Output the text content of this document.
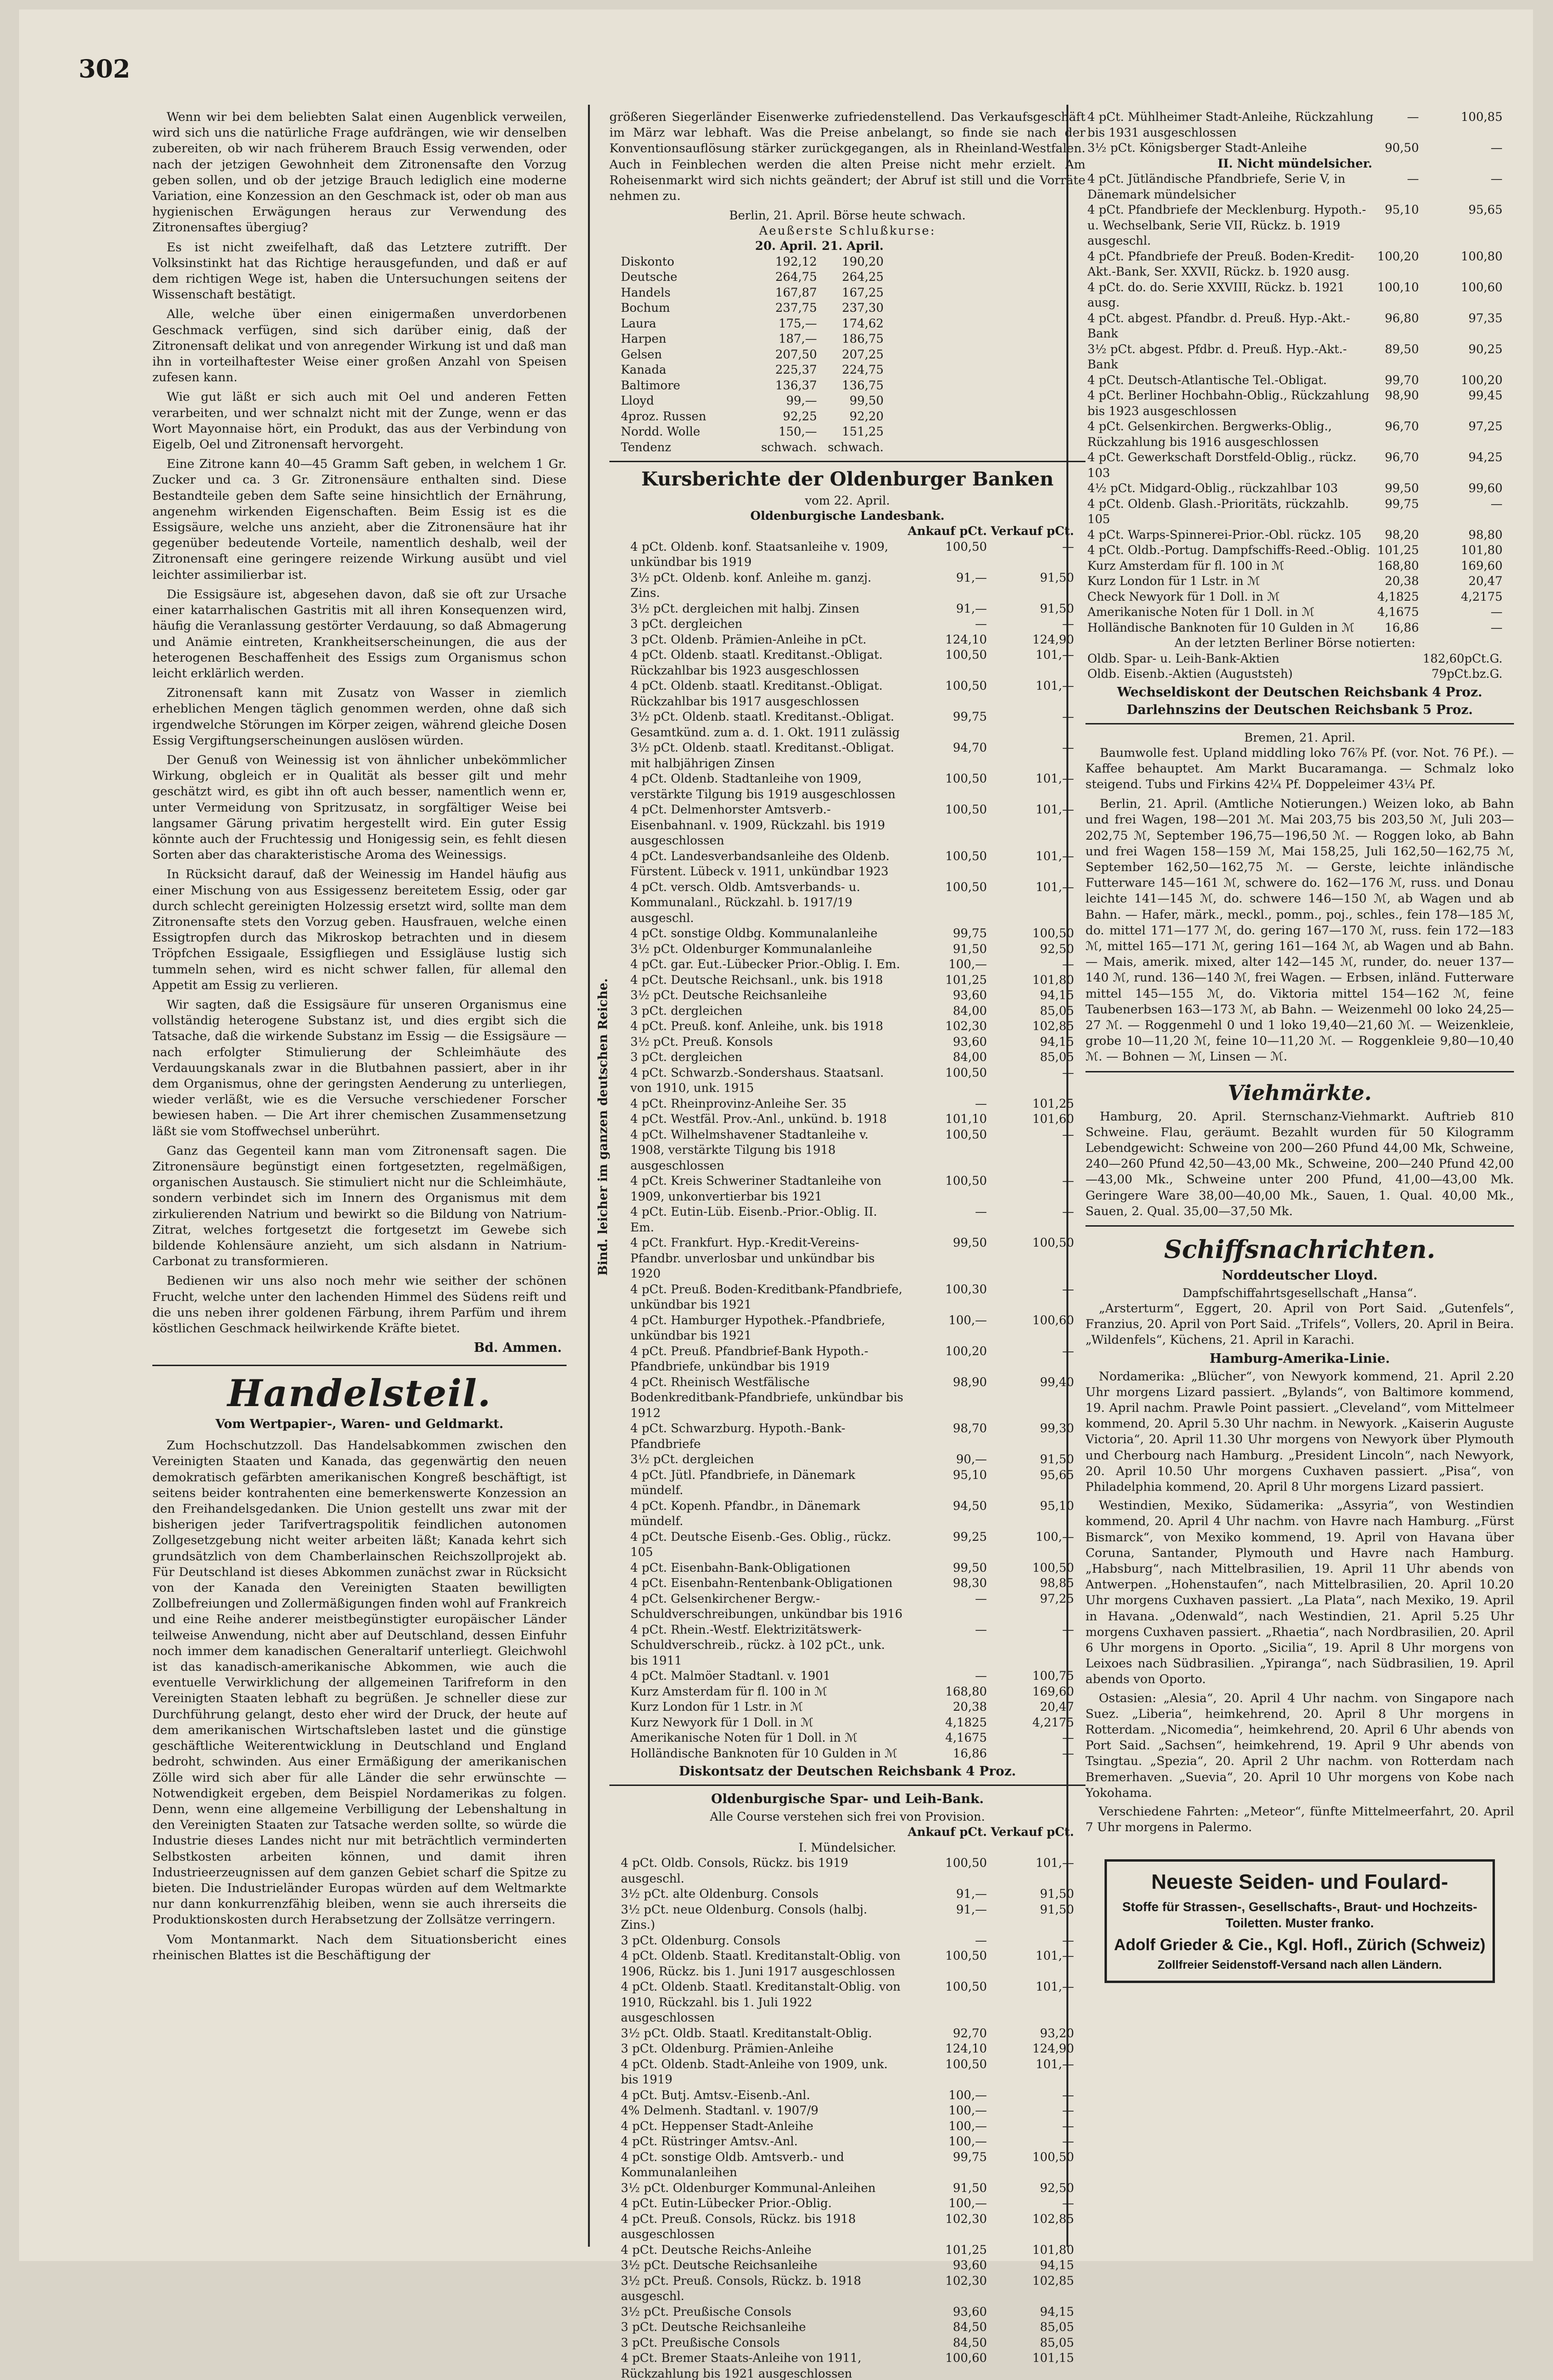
302

Wenn wir bei dem beliebten Salat einen Augenblick verweilen, wird sich uns die natürliche Frage aufdrängen, wie wir denselben zubereiten, ob wir nach früherem Brauch Essig verwenden, oder nach der jetzigen Gewohnheit dem Zitronensafte den Vorzug geben sollen, und ob der jetzige Brauch lediglich eine moderne Variation, eine Konzession an den Geschmack ist, oder ob man aus hygienischen Erwägungen heraus zur Verwendung des Zitronensaftes übergiug?

Es ist nicht zweifelhaft, daß das Letztere zutrifft. Der Volksinstinkt hat das Richtige herausgefunden, und daß er auf dem richtigen Wege ist, haben die Untersuchungen seitens der Wissenschaft bestätigt.

Alle, welche über einen einigermaßen unverdorbenen Geschmack verfügen, sind sich darüber einig, daß der Zitronensaft delikat und von anregender Wirkung ist und daß man ihn in vorteilhaftester Weise einer großen Anzahl von Speisen zufesen kann.

Wie gut läßt er sich auch mit Oel und anderen Fetten verarbeiten, und wer schnalzt nicht mit der Zunge, wenn er das Wort Mayonnaise hört, ein Produkt, das aus der Verbindung von Eigelb, Oel und Zitronensaft hervorgeht.

Eine Zitrone kann 40—45 Gramm Saft geben, in welchem 1 Gr. Zucker und ca. 3 Gr. Zitronensäure enthalten sind. Diese Bestandteile geben dem Safte seine hinsichtlich der Ernährung, angenehm wirkenden Eigenschaften. Beim Essig ist es die Essigsäure, welche uns anzieht, aber die Zitronensäure hat ihr gegenüber bedeutende Vorteile, namentlich deshalb, weil der Zitronensaft eine geringere reizende Wirkung ausübt und viel leichter assimilierbar ist.

Die Essigsäure ist, abgesehen davon, daß sie oft zur Ursache einer katarrhalischen Gastritis mit all ihren Konsequenzen wird, häufig die Veranlassung gestörter Verdauung, so daß Abmagerung und Anämie eintreten, Krankheitserscheinungen, die aus der heterogenen Beschaffenheit des Essigs zum Organismus schon leicht erklärlich werden.

Zitronensaft kann mit Zusatz von Wasser in ziemlich erheblichen Mengen täglich genommen werden, ohne daß sich irgendwelche Störungen im Körper zeigen, während gleiche Dosen Essig Vergiftungserscheinungen auslösen würden.

Der Genuß von Weinessig ist von ähnlicher unbekömmlicher Wirkung, obgleich er in Qualität als besser gilt und mehr geschätzt wird, es gibt ihn oft auch besser, namentlich wenn er, unter Vermeidung von Spritzusatz, in sorgfältiger Weise bei langsamer Gärung privatim hergestellt wird. Ein guter Essig könnte auch der Fruchtessig und Honigessig sein, es fehlt diesen Sorten aber das charakteristische Aroma des Weinessigs.

In Rücksicht darauf, daß der Weinessig im Handel häufig aus einer Mischung von aus Essigessenz bereitetem Essig, oder gar durch schlecht gereinigten Holzessig ersetzt wird, sollte man dem Zitronensafte stets den Vorzug geben. Hausfrauen, welche einen Essigtropfen durch das Mikroskop betrachten und in diesem Tröpfchen Essigaale, Essigfliegen und Essigläuse lustig sich tummeln sehen, wird es nicht schwer fallen, für allemal den Appetit am Essig zu verlieren.

Wir sagten, daß die Essigsäure für unseren Organismus eine vollständig heterogene Substanz ist, und dies ergibt sich die Tatsache, daß die wirkende Substanz im Essig — die Essigsäure — nach erfolgter Stimulierung der Schleimhäute des Verdauungskanals zwar in die Blutbahnen passiert, aber in ihr dem Organismus, ohne der geringsten Aenderung zu unterliegen, wieder verläßt, wie es die Versuche verschiedener Forscher bewiesen haben. — Die Art ihrer chemischen Zusammensetzung läßt sie vom Stoffwechsel unberührt.

Ganz das Gegenteil kann man vom Zitronensaft sagen. Die Zitronensäure begünstigt einen fortgesetzten, regelmäßigen, organischen Austausch. Sie stimuliert nicht nur die Schleimhäute, sondern verbindet sich im Innern des Organismus mit dem zirkulierenden Natrium und bewirkt so die Bildung von Natrium-Zitrat, welches fortgesetzt die fortgesetzt im Gewebe sich bildende Kohlensäure anzieht, um sich alsdann in Natrium-Carbonat zu transformieren.

Bedienen wir uns also noch mehr wie seither der schönen Frucht, welche unter den lachenden Himmel des Südens reift und die uns neben ihrer goldenen Färbung, ihrem Parfüm und ihrem köstlichen Geschmack heilwirkende Kräfte bietet.

Bd. Ammen.
Handelsteil.
Vom Wertpapier-, Waren- und Geldmarkt.

Zum Hochschutzzoll. Das Handelsabkommen zwischen den Vereinigten Staaten und Kanada, das gegenwärtig den neuen demokratisch gefärbten amerikanischen Kongreß beschäftigt, ist seitens beider kontrahenten eine bemerkenswerte Konzession an den Freihandelsgedanken. Die Union gestellt uns zwar mit der bisherigen jeder Tarifvertragspolitik feindlichen autonomen Zollgesetzgebung nicht weiter arbeiten läßt; Kanada kehrt sich grundsätzlich von dem Chamberlainschen Reichszollprojekt ab. Für Deutschland ist dieses Abkommen zunächst zwar in Rücksicht von der Kanada den Vereinigten Staaten bewilligten Zollbefreiungen und Zollermäßigungen finden wohl auf Frankreich und eine Reihe anderer meistbegünstigter europäischer Länder teilweise Anwendung, nicht aber auf Deutschland, dessen Einfuhr noch immer dem kanadischen Generaltarif unterliegt. Gleichwohl ist das kanadisch-amerikanische Abkommen, wie auch die eventuelle Verwirklichung der allgemeinen Tarifreform in den Vereinigten Staaten lebhaft zu begrüßen. Je schneller diese zur Durchführung gelangt, desto eher wird der Druck, der heute auf dem amerikanischen Wirtschaftsleben lastet und die günstige geschäftliche Weiterentwicklung in Deutschland und England bedroht, schwinden. Aus einer Ermäßigung der amerikanischen Zölle wird sich aber für alle Länder die sehr erwünschte — Notwendigkeit ergeben, dem Beispiel Nordamerikas zu folgen. Denn, wenn eine allgemeine Verbilligung der Lebenshaltung in den Vereinigten Staaten zur Tatsache werden sollte, so würde die Industrie dieses Landes nicht nur mit beträchtlich verminderten Selbstkosten arbeiten können, und damit ihren Industrieerzeugnissen auf dem ganzen Gebiet scharf die Spitze zu bieten. Die Industrieländer Europas würden auf dem Weltmarkte nur dann konkurrenzfähig bleiben, wenn sie auch ihrerseits die Produktionskosten durch Herabsetzung der Zollsätze verringern.

Vom Montanmarkt. Nach dem Situationsbericht eines rheinischen Blattes ist die Beschäftigung der

größeren Siegerländer Eisenwerke zufriedenstellend. Das Verkaufsgeschäft im März war lebhaft. Was die Preise anbelangt, so finde sie nach der Konventionsauflösung stärker zurückgegangen, als in Rheinland-Westfalen. Auch in Feinblechen werden die alten Preise nicht mehr erzielt. Am Roheisenmarkt wird sich nichts geändert; der Abruf ist still und die Vorräte nehmen zu.

Berlin, 21. April. Börse heute schwach.
Aeußerste Schlußkurse:
	20. April.	21. April.
Diskonto	192,12	190,20
Deutsche	264,75	264,25
Handels	167,87	167,25
Bochum	237,75	237,30
Laura	175,—	174,62
Harpen	187,—	186,75
Gelsen	207,50	207,25
Kanada	225,37	224,75
Baltimore	136,37	136,75
Lloyd	99,—	99,50
4proz. Russen	92,25	92,20
Nordd. Wolle	150,—	151,25
Tendenz	schwach.	schwach.
Kursberichte der Oldenburger Banken
vom 22. April.
Oldenburgische Landesbank.
	Ankauf pCt.	Verkauf pCt.
4 pCt. Oldenb. konf. Staatsanleihe v. 1909, unkündbar bis 1919	100,50	—
3½ pCt. Oldenb. konf. Anleihe m. ganzj. Zins.	91,—	91,50
3½ pCt. dergleichen mit halbj. Zinsen	91,—	91,50
3 pCt. dergleichen	—	—
3 pCt. Oldenb. Prämien-Anleihe in pCt.	124,10	124,90
4 pCt. Oldenb. staatl. Kreditanst.-Obligat. Rückzahlbar bis 1923 ausgeschlossen	100,50	101,—
4 pCt. Oldenb. staatl. Kreditanst.-Obligat. Rückzahlbar bis 1917 ausgeschlossen	100,50	101,—
3½ pCt. Oldenb. staatl. Kreditanst.-Obligat. Gesamtkünd. zum a. d. 1. Okt. 1911 zulässig	99,75	—
3½ pCt. Oldenb. staatl. Kreditanst.-Obligat. mit halbjährigen Zinsen	94,70	—
4 pCt. Oldenb. Stadtanleihe von 1909, verstärkte Tilgung bis 1919 ausgeschlossen	100,50	101,—
4 pCt. Delmenhorster Amtsverb.-Eisenbahnanl. v. 1909, Rückzahl. bis 1919 ausgeschlossen	100,50	101,—
4 pCt. Landesverbandsanleihe des Oldenb. Fürstent. Lübeck v. 1911, unkündbar 1923	100,50	101,—
4 pCt. versch. Oldb. Amtsverbands- u. Kommunalanl., Rückzahl. b. 1917/19 ausgeschl.	100,50	101,—
4 pCt. sonstige Oldbg. Kommunalanleihe	99,75	100,50
3½ pCt. Oldenburger Kommunalanleihe	91,50	92,50
4 pCt. gar. Eut.-Lübecker Prior.-Oblig. I. Em.	100,—	—
4 pCt. Deutsche Reichsanl., unk. bis 1918	101,25	101,80
3½ pCt. Deutsche Reichsanleihe	93,60	94,15
3 pCt. dergleichen	84,00	85,05
4 pCt. Preuß. konf. Anleihe, unk. bis 1918	102,30	102,85
3½ pCt. Preuß. Konsols	93,60	94,15
3 pCt. dergleichen	84,00	85,05
4 pCt. Schwarzb.-Sondershaus. Staatsanl. von 1910, unk. 1915	100,50	—
4 pCt. Rheinprovinz-Anleihe Ser. 35	—	101,25
4 pCt. Westfäl. Prov.-Anl., unkünd. b. 1918	101,10	101,60
4 pCt. Wilhelmshavener Stadtanleihe v. 1908, verstärkte Tilgung bis 1918 ausgeschlossen	100,50	—
4 pCt. Kreis Schweriner Stadtanleihe von 1909, unkonvertierbar bis 1921	100,50	—
4 pCt. Eutin-Lüb. Eisenb.-Prior.-Oblig. II. Em.	—	—
4 pCt. Frankfurt. Hyp.-Kredit-Vereins-Pfandbr. unverlosbar und unkündbar bis 1920	99,50	100,50
4 pCt. Preuß. Boden-Kreditbank-Pfandbriefe, unkündbar bis 1921	100,30	—
4 pCt. Hamburger Hypothek.-Pfandbriefe, unkündbar bis 1921	100,—	100,60
4 pCt. Preuß. Pfandbrief-Bank Hypoth.-Pfandbriefe, unkündbar bis 1919	100,20	—
4 pCt. Rheinisch Westfälische Bodenkreditbank-Pfandbriefe, unkündbar bis 1912	98,90	99,40
4 pCt. Schwarzburg. Hypoth.-Bank-Pfandbriefe	98,70	99,30
3½ pCt. dergleichen	90,—	91,50
4 pCt. Jütl. Pfandbriefe, in Dänemark mündelf.	95,10	95,65
4 pCt. Kopenh. Pfandbr., in Dänemark mündelf.	94,50	95,10
4 pCt. Deutsche Eisenb.-Ges. Oblig., rückz. 105	99,25	100,—
4 pCt. Eisenbahn-Bank-Obligationen	99,50	100,50
4 pCt. Eisenbahn-Rentenbank-Obligationen	98,30	98,85
4 pCt. Gelsenkirchener Bergw.-Schuldverschreibungen, unkündbar bis 1916	—	97,25
4 pCt. Rhein.-Westf. Elektrizitätswerk-Schuldverschreib., rückz. à 102 pCt., unk. bis 1911	—	—
4 pCt. Malmöer Stadtanl. v. 1901	—	100,75
Kurz Amsterdam für fl. 100 in ℳ	168,80	169,60
Kurz London für 1 Lstr. in ℳ	20,38	20,47
Kurz Newyork für 1 Doll. in ℳ	4,1825	4,2175
Amerikanische Noten für 1 Doll. in ℳ	4,1675	—
Holländische Banknoten für 10 Gulden in ℳ	16,86	—
Diskontsatz der Deutschen Reichsbank 4 Proz.
Oldenburgische Spar- und Leih-Bank.
Alle Course verstehen sich frei von Provision.
	Ankauf pCt.	Verkauf pCt.
I. Mündelsicher.		
4 pCt. Oldb. Consols, Rückz. bis 1919 ausgeschl.	100,50	101,—
3½ pCt. alte Oldenburg. Consols	91,—	91,50
3½ pCt. neue Oldenburg. Consols (halbj. Zins.)	91,—	91,50
3 pCt. Oldenburg. Consols	—	—
4 pCt. Oldenb. Staatl. Kreditanstalt-Oblig. von 1906, Rückz. bis 1. Juni 1917 ausgeschlossen	100,50	101,—
4 pCt. Oldenb. Staatl. Kreditanstalt-Oblig. von 1910, Rückzahl. bis 1. Juli 1922 ausgeschlossen	100,50	101,—
3½ pCt. Oldb. Staatl. Kreditanstalt-Oblig.	92,70	93,20
3 pCt. Oldenburg. Prämien-Anleihe	124,10	124,90
4 pCt. Oldenb. Stadt-Anleihe von 1909, unk. bis 1919	100,50	101,—
4 pCt. Butj. Amtsv.-Eisenb.-Anl.	100,—	—
4% Delmenh. Stadtanl. v. 1907/9	100,—	—
4 pCt. Heppenser Stadt-Anleihe	100,—	—
4 pCt. Rüstringer Amtsv.-Anl.	100,—	—
4 pCt. sonstige Oldb. Amtsverb.- und Kommunalanleihen	99,75	100,50
3½ pCt. Oldenburger Kommunal-Anleihen	91,50	92,50
4 pCt. Eutin-Lübecker Prior.-Oblig.	100,—	—
4 pCt. Preuß. Consols, Rückz. bis 1918 ausgeschlossen	102,30	102,85
4 pCt. Deutsche Reichs-Anleihe	101,25	101,80
3½ pCt. Deutsche Reichsanleihe	93,60	94,15
3½ pCt. Preuß. Consols, Rückz. b. 1918 ausgeschl.	102,30	102,85
3½ pCt. Preußische Consols	93,60	94,15
3 pCt. Deutsche Reichsanleihe	84,50	85,05
3 pCt. Preußische Consols	84,50	85,05
4 pCt. Bremer Staats-Anleihe von 1911, Rückzahlung bis 1921 ausgeschlossen	100,60	101,15

Bind. leicher im ganzen deutschen Reiche.
4 pCt. Mühlheimer Stadt-Anleihe, Rückzahlung bis 1931 ausgeschlossen	—	100,85
3½ pCt. Königsberger Stadt-Anleihe	90,50	—
II. Nicht mündelsicher.		
4 pCt. Jütländische Pfandbriefe, Serie V, in Dänemark mündelsicher	—	—
4 pCt. Pfandbriefe der Mecklenburg. Hypoth.- u. Wechselbank, Serie VII, Rückz. b. 1919 ausgeschl.	95,10	95,65
4 pCt. Pfandbriefe der Preuß. Boden-Kredit-Akt.-Bank, Ser. XXVII, Rückz. b. 1920 ausg.	100,20	100,80
4 pCt. do. do. Serie XXVIII, Rückz. b. 1921 ausg.	100,10	100,60
4 pCt. abgest. Pfandbr. d. Preuß. Hyp.-Akt.-Bank	96,80	97,35
3½ pCt. abgest. Pfdbr. d. Preuß. Hyp.-Akt.-Bank	89,50	90,25
4 pCt. Deutsch-Atlantische Tel.-Obligat.	99,70	100,20
4 pCt. Berliner Hochbahn-Oblig., Rückzahlung bis 1923 ausgeschlossen	98,90	99,45
4 pCt. Gelsenkirchen. Bergwerks-Oblig., Rückzahlung bis 1916 ausgeschlossen	96,70	97,25
4 pCt. Gewerkschaft Dorstfeld-Oblig., rückz. 103	96,70	94,25
4½ pCt. Midgard-Oblig., rückzahlbar 103	99,50	99,60
4 pCt. Oldenb. Glash.-Prioritäts, rückzahlb. 105	99,75	—
4 pCt. Warps-Spinnerei-Prior.-Obl. rückz. 105	98,20	98,80
4 pCt. Oldb.-Portug. Dampfschiffs-Reed.-Oblig.	101,25	101,80
Kurz Amsterdam für fl. 100 in ℳ	168,80	169,60
Kurz London für 1 Lstr. in ℳ	20,38	20,47
Check Newyork für 1 Doll. in ℳ	4,1825	4,2175
Amerikanische Noten für 1 Doll. in ℳ	4,1675	—
Holländische Banknoten für 10 Gulden in ℳ	16,86	—
An der letzten Berliner Börse notierten:		
Oldb. Spar- u. Leih-Bank-Aktien		182,60pCt.G.
Oldb. Eisenb.-Aktien (Auguststeh)		79pCt.bz.G.
Wechseldiskont der Deutschen Reichsbank 4 Proz.
Darlehnszins der Deutschen Reichsbank 5 Proz.
Bremen, 21. April.

Baumwolle fest. Upland middling loko 76⅞ Pf. (vor. Not. 76 Pf.). — Kaffee behauptet. Am Markt Bucaramanga. — Schmalz loko steigend. Tubs und Firkins 42¼ Pf. Doppeleimer 43¼ Pf.

Berlin, 21. April. (Amtliche Notierungen.) Weizen loko, ab Bahn und frei Wagen, 198—201 ℳ. Mai 203,75 bis 203,50 ℳ, Juli 203—202,75 ℳ, September 196,75—196,50 ℳ. — Roggen loko, ab Bahn und frei Wagen 158—159 ℳ, Mai 158,25, Juli 162,50—162,75 ℳ, September 162,50—162,75 ℳ. — Gerste, leichte inländische Futterware 145—161 ℳ, schwere do. 162—176 ℳ, russ. und Donau leichte 141—145 ℳ, do. schwere 146—150 ℳ, ab Wagen und ab Bahn. — Hafer, märk., meckl., pomm., poj., schles., fein 178—185 ℳ, do. mittel 171—177 ℳ, do. gering 167—170 ℳ, russ. fein 172—183 ℳ, mittel 165—171 ℳ, gering 161—164 ℳ, ab Wagen und ab Bahn. — Mais, amerik. mixed, alter 142—145 ℳ, runder, do. neuer 137—140 ℳ, rund. 136—140 ℳ, frei Wagen. — Erbsen, inländ. Futterware mittel 145—155 ℳ, do. Viktoria mittel 154—162 ℳ, feine Taubenerbsen 163—173 ℳ, ab Bahn. — Weizenmehl 00 loko 24,25—27 ℳ. — Roggenmehl 0 und 1 loko 19,40—21,60 ℳ. — Weizenkleie, grobe 10—11,20 ℳ, feine 10—11,20 ℳ. — Roggenkleie 9,80—10,40 ℳ. — Bohnen — ℳ, Linsen — ℳ.

Viehmärkte.

Hamburg, 20. April. Sternschanz-Viehmarkt. Auftrieb 810 Schweine. Flau, geräumt. Bezahlt wurden für 50 Kilogramm Lebendgewicht: Schweine von 200—260 Pfund 44,00 Mk, Schweine, 240—260 Pfund 42,50—43,00 Mk., Schweine, 200—240 Pfund 42,00—43,00 Mk., Schweine unter 200 Pfund, 41,00—43,00 Mk. Geringere Ware 38,00—40,00 Mk., Sauen, 1. Qual. 40,00 Mk., Sauen, 2. Qual. 35,00—37,50 Mk.

Schiffsnachrichten.
Norddeutscher Lloyd.
Dampfschiffahrtsgesellschaft „Hansa“.

„Arsterturm“, Eggert, 20. April von Port Said. „Gutenfels“, Franzius, 20. April von Port Said. „Trifels“, Vollers, 20. April in Beira. „Wildenfels“, Küchens, 21. April in Karachi.

Hamburg-Amerika-Linie.

Nordamerika: „Blücher“, von Newyork kommend, 21. April 2.20 Uhr morgens Lizard passiert. „Bylands“, von Baltimore kommend, 19. April nachm. Prawle Point passiert. „Cleveland“, vom Mittelmeer kommend, 20. April 5.30 Uhr nachm. in Newyork. „Kaiserin Auguste Victoria“, 20. April 11.30 Uhr morgens von Newyork über Plymouth und Cherbourg nach Hamburg. „President Lincoln“, nach Newyork, 20. April 10.50 Uhr morgens Cuxhaven passiert. „Pisa“, von Philadelphia kommend, 20. April 8 Uhr morgens Lizard passiert.

Westindien, Mexiko, Südamerika: „Assyria“, von Westindien kommend, 20. April 4 Uhr nachm. von Havre nach Hamburg. „Fürst Bismarck“, von Mexiko kommend, 19. April von Havana über Coruna, Santander, Plymouth und Havre nach Hamburg. „Habsburg“, nach Mittelbrasilien, 19. April 11 Uhr abends von Antwerpen. „Hohenstaufen“, nach Mittelbrasilien, 20. April 10.20 Uhr morgens Cuxhaven passiert. „La Plata“, nach Mexiko, 19. April in Havana. „Odenwald“, nach Westindien, 21. April 5.25 Uhr morgens Cuxhaven passiert. „Rhaetia“, nach Nordbrasilien, 20. April 6 Uhr morgens in Oporto. „Sicilia“, 19. April 8 Uhr morgens von Leixoes nach Südbrasilien. „Ypiranga“, nach Südbrasilien, 19. April abends von Oporto.

Ostasien: „Alesia“, 20. April 4 Uhr nachm. von Singapore nach Suez. „Liberia“, heimkehrend, 20. April 8 Uhr morgens in Rotterdam. „Nicomedia“, heimkehrend, 20. April 6 Uhr abends von Port Said. „Sachsen“, heimkehrend, 19. April 9 Uhr abends von Tsingtau. „Spezia“, 20. April 2 Uhr nachm. von Rotterdam nach Bremerhaven. „Suevia“, 20. April 10 Uhr morgens von Kobe nach Yokohama.

Verschiedene Fahrten: „Meteor“, fünfte Mittelmeerfahrt, 20. April 7 Uhr morgens in Palermo.

Neueste Seiden- und Foulard-
Stoffe für Strassen-, Gesellschafts-, Braut- und Hochzeits-Toiletten. Muster franko.
Adolf Grieder & Cie., Kgl. Hofl., Zürich (Schweiz)
Zollfreier Seidenstoff-Versand nach allen Ländern.
